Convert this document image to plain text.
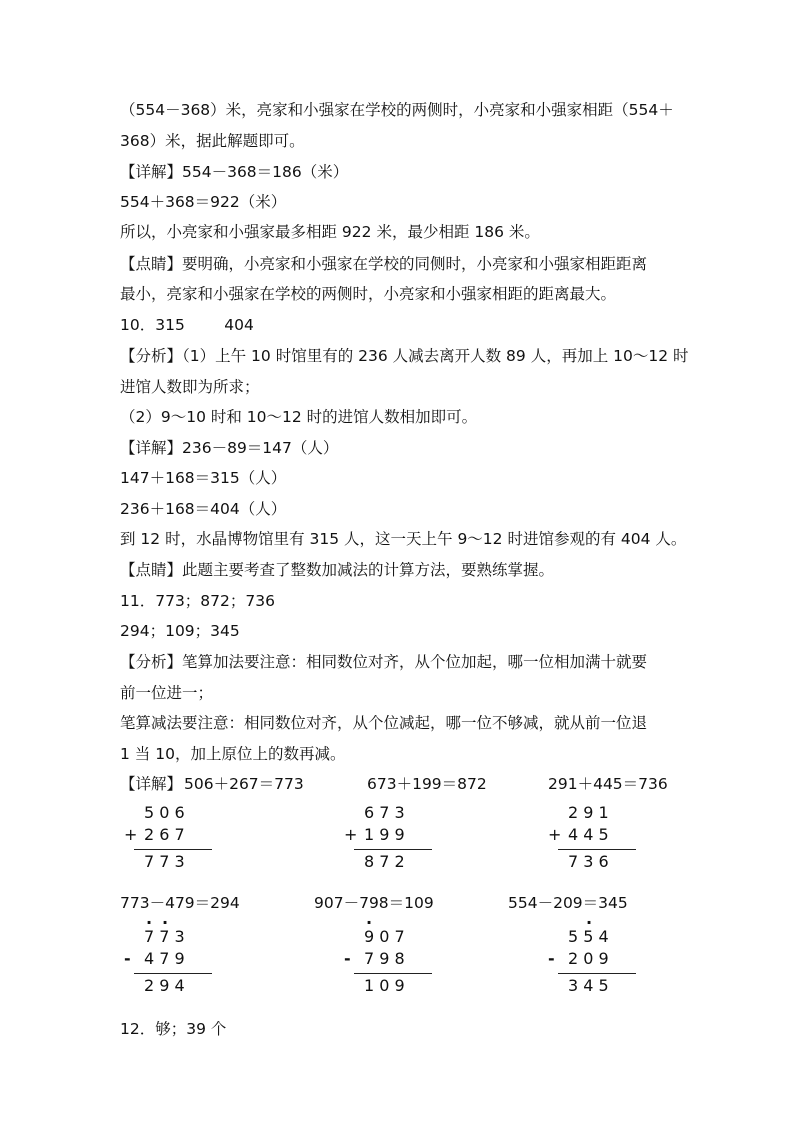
（554－368）米，亮家和小强家在学校的两侧时，小亮家和小强家相距（554＋
368）米，据此解题即可。
【详解】554－368＝186（米）
554＋368＝922（米）
所以，小亮家和小强家最多相距 922 米，最少相距 186 米。
【点睛】要明确，小亮家和小强家在学校的同侧时，小亮家和小强家相距距离
最小，亮家和小强家在学校的两侧时，小亮家和小强家相距的距离最大。
10．315        404
【分析】（1）上午 10 时馆里有的 236 人减去离开人数 89 人，再加上 10～12 时
进馆人数即为所求；
（2）9～10 时和 10～12 时的进馆人数相加即可。
【详解】236－89＝147（人）
147＋168＝315（人）
236＋168＝404（人）
到 12 时，水晶博物馆里有 315 人，这一天上午 9～12 时进馆参观的有 404 人。
【点睛】此题主要考查了整数加减法的计算方法，要熟练掌握。
11．773；872；736
294；109；345
【分析】笔算加法要注意：相同数位对齐，从个位加起，哪一位相加满十就要
前一位进一；
笔算减法要注意：相同数位对齐，从个位减起，哪一位不够减，就从前一位退
1 当 10，加上原位上的数再减。
【详解】 506＋267＝773	673＋199＝872	291＋445＝736
5 0 6
+ 2 6 7
7 7 3
6 7 3
+ 1 9 9
8 7 2
2 9 1
+ 4 4 5
7 3 6
773－479＝294	907－798＝109	554－209＝345
· ·	·	·
7 7 3
- 4 7 9
2 9 4
9 0 7
- 7 9 8
1 0 9
5 5 4
- 2 0 9
3 4 5
12．够；39 个
